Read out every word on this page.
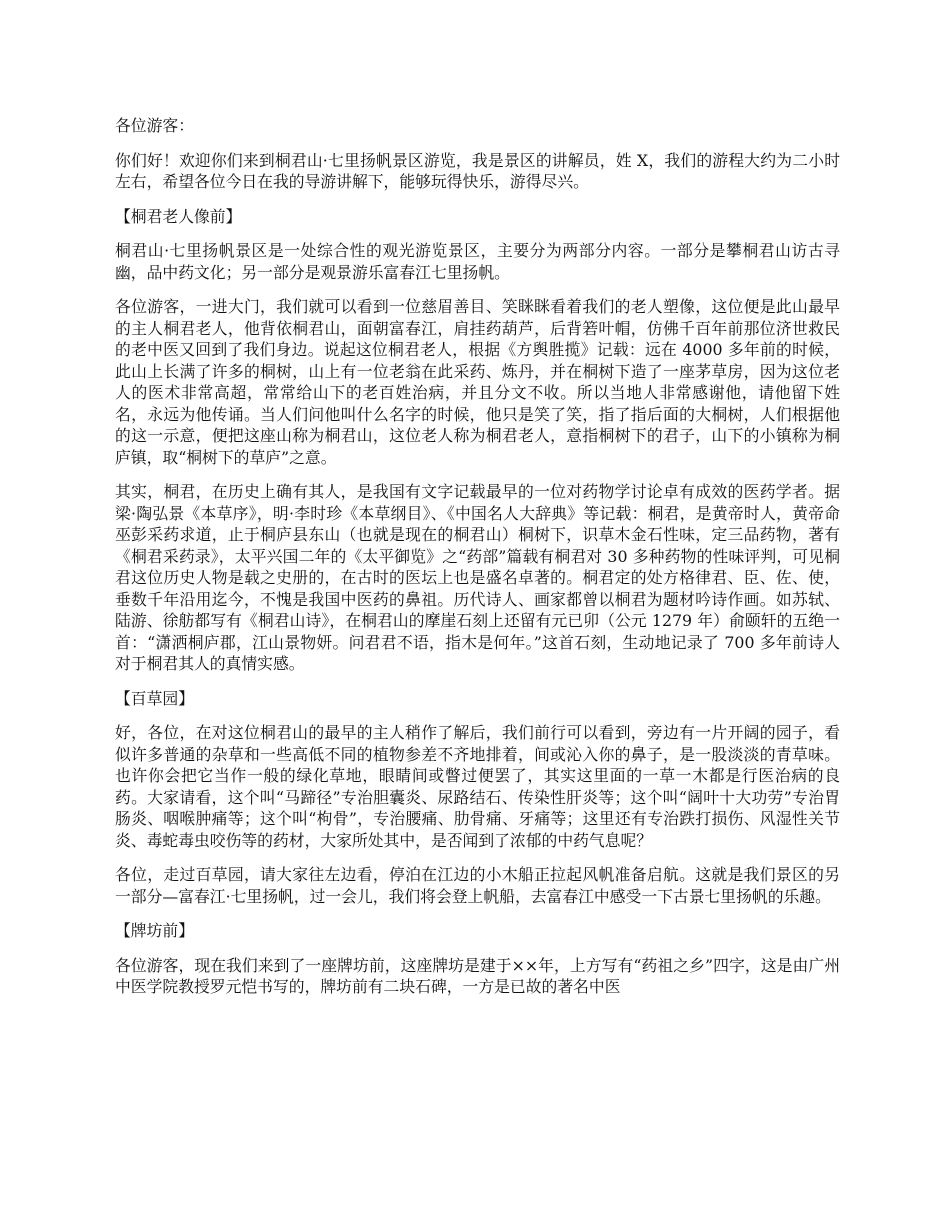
各位游客：

你们好！欢迎你们来到桐君山·七里扬帆景区游览，我是景区的讲解员，姓 X，我们的游程大约为二小时左右，希望各位今日在我的导游讲解下，能够玩得快乐，游得尽兴。

【桐君老人像前】

桐君山·七里扬帆景区是一处综合性的观光游览景区，主要分为两部分内容。一部分是攀桐君山访古寻幽，品中药文化；另一部分是观景游乐富春江七里扬帆。

各位游客，一进大门，我们就可以看到一位慈眉善目、笑眯眯看着我们的老人塑像，这位便是此山最早的主人桐君老人，他背依桐君山，面朝富春江，肩挂药葫芦，后背箬叶帽，仿佛千百年前那位济世救民的老中医又回到了我们身边。说起这位桐君老人，根据《方舆胜揽》记载：远在 4000 多年前的时候，此山上长满了许多的桐树，山上有一位老翁在此采药、炼丹，并在桐树下造了一座茅草房，因为这位老人的医术非常高超，常常给山下的老百姓治病，并且分文不收。所以当地人非常感谢他，请他留下姓名，永远为他传诵。当人们问他叫什么名字的时候，他只是笑了笑，指了指后面的大桐树，人们根据他的这一示意，便把这座山称为桐君山，这位老人称为桐君老人，意指桐树下的君子，山下的小镇称为桐庐镇，取“桐树下的草庐”之意。

其实，桐君，在历史上确有其人，是我国有文字记载最早的一位对药物学讨论卓有成效的医药学者。据梁·陶弘景《本草序》，明·李时珍《本草纲目》、《中国名人大辞典》等记载：桐君，是黄帝时人，黄帝命巫彭采药求道，止于桐庐县东山（也就是现在的桐君山）桐树下，识草木金石性味，定三品药物，著有《桐君采药录》，太平兴国二年的《太平御览》之“药部”篇载有桐君对 30 多种药物的性味评判，可见桐君这位历史人物是载之史册的，在古时的医坛上也是盛名卓著的。桐君定的处方格律君、臣、佐、使，垂数千年沿用迄今，不愧是我国中医药的鼻祖。历代诗人、画家都曾以桐君为题材吟诗作画。如苏轼、陆游、徐舫都写有《桐君山诗》，在桐君山的摩崖石刻上还留有元已卯（公元 1279 年）俞颐轩的五绝一首：“潇洒桐庐郡，江山景物妍。问君君不语，指木是何年。”这首石刻，生动地记录了 700 多年前诗人对于桐君其人的真情实感。

【百草园】

好，各位，在对这位桐君山的最早的主人稍作了解后，我们前行可以看到，旁边有一片开阔的园子，看似许多普通的杂草和一些高低不同的植物参差不齐地排着，间或沁入你的鼻子，是一股淡淡的青草味。也许你会把它当作一般的绿化草地，眼睛间或瞥过便罢了，其实这里面的一草一木都是行医治病的良药。大家请看，这个叫“马蹄径”专治胆囊炎、尿路结石、传染性肝炎等；这个叫“阔叶十大功劳”专治胃肠炎、咽喉肿痛等；这个叫“枸骨”，专治腰痛、肋骨痛、牙痛等；这里还有专治跌打损伤、风湿性关节炎、毒蛇毒虫咬伤等的药材，大家所处其中，是否闻到了浓郁的中药气息呢？

各位，走过百草园，请大家往左边看，停泊在江边的小木船正拉起风帆准备启航。这就是我们景区的另一部分—富春江·七里扬帆，过一会儿，我们将会登上帆船，去富春江中感受一下古景七里扬帆的乐趣。

【牌坊前】

各位游客，现在我们来到了一座牌坊前，这座牌坊是建于××年，上方写有“药祖之乡”四字，这是由广州中医学院教授罗元恺书写的，牌坊前有二块石碑，一方是已故的著名中医
